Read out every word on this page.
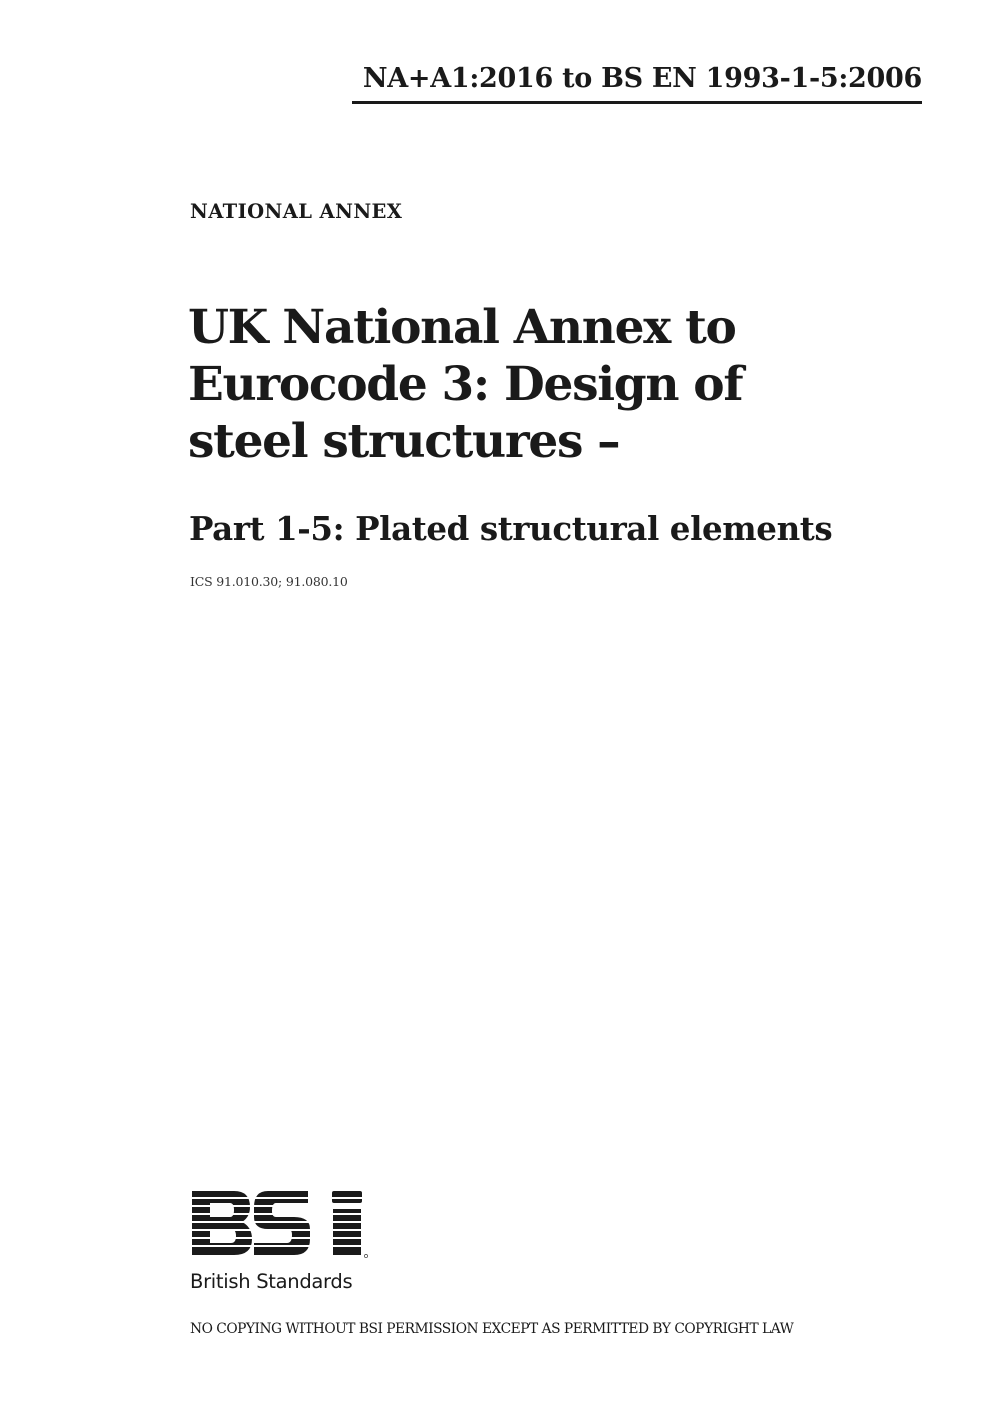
NA+A1:2016 to BS EN 1993-1-5:2006
NATIONAL ANNEX
UK National Annex to
Eurocode 3: Design of
steel structures –
Part 1-5: Plated structural elements
ICS 91.010.30; 91.080.10
British Standards
NO COPYING WITHOUT BSI PERMISSION EXCEPT AS PERMITTED BY COPYRIGHT LAW
